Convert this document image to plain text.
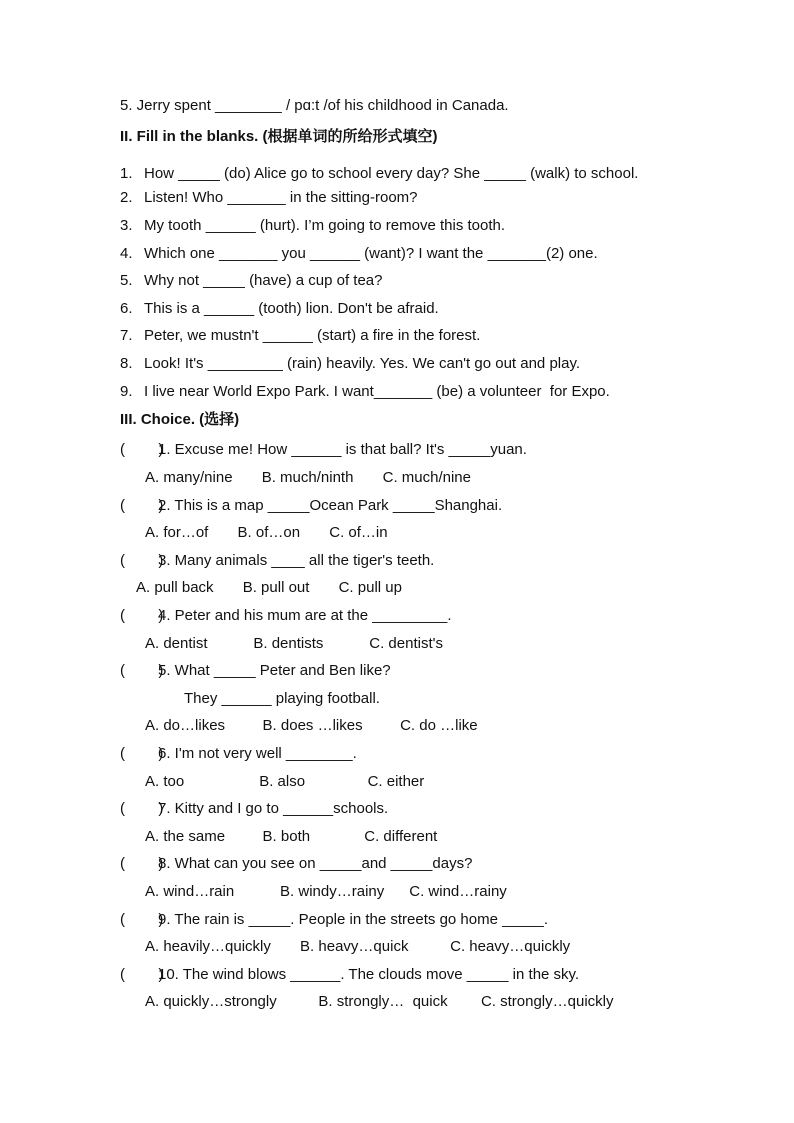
5. Jerry spent ________ / pɑ:t /of his childhood in Canada.
II. Fill in the blanks. (根据单词的所给形式填空)
1. How _____ (do) Alice go to school every day? She _____ (walk) to school.
2. Listen! Who _______ in the sitting-room?
3. My tooth ______ (hurt). I’m going to remove this tooth.
4. Which one _______ you ______ (want)? I want the _______(2) one.
5. Why not _____ (have) a cup of tea?
6. This is a ______ (tooth) lion. Don't be afraid.
7. Peter, we mustn't ______ (start) a fire in the forest.
8. Look! It's _________ (rain) heavily. Yes. We can't go out and play.
9. I live near World Expo Park. I want_______ (be) a volunteer  for Expo.
III. Choice. (选择)
(        )1. Excuse me! How ______ is that ball? It's _____yuan.
A. many/nine       B. much/ninth       C. much/nine
(        )2. This is a map _____Ocean Park _____Shanghai.
A. for…of       B. of…on       C. of…in
(        )3. Many animals ____ all the tiger's teeth.
A. pull back       B. pull out       C. pull up
(        )4. Peter and his mum are at the _________.
A. dentist           B. dentists           C. dentist's
(        )5. What _____ Peter and Ben like?
They ______ playing football.
A. do…likes         B. does …likes         C. do …like
(        )6. I'm not very well ________.
A. too                  B. also               C. either
(        )7. Kitty and I go to ______schools.
A. the same         B. both             C. different
(        )8. What can you see on _____and _____days?
A. wind…rain           B. windy…rainy      C. wind…rainy
(        )9. The rain is _____. People in the streets go home _____.
A. heavily…quickly       B. heavy…quick          C. heavy…quickly
(        )10. The wind blows ______. The clouds move _____ in the sky.
A. quickly…strongly          B. strongly…  quick        C. strongly…quickly
